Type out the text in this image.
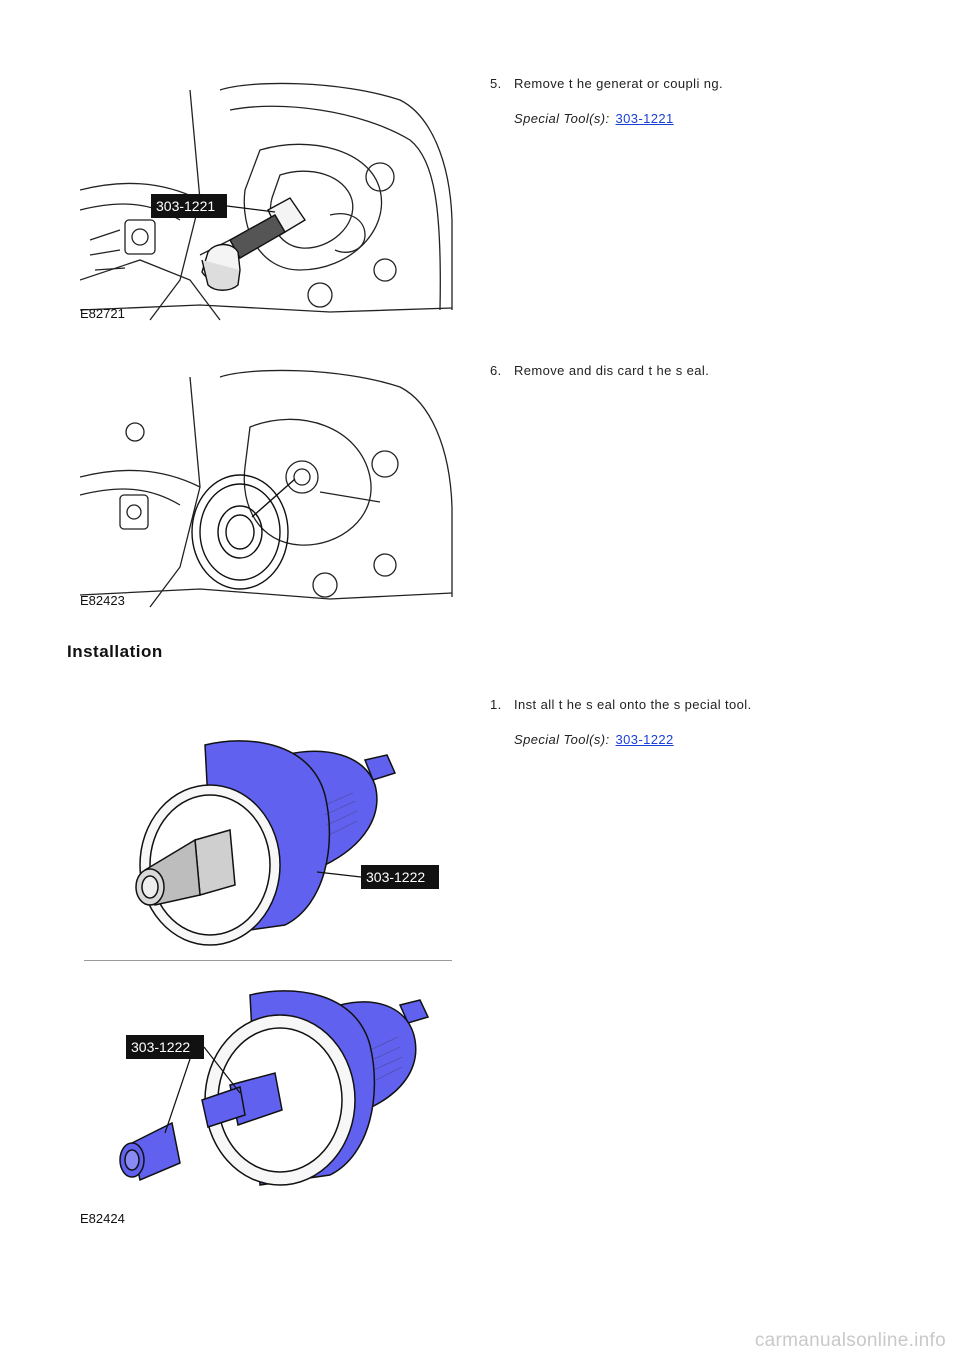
303-1221
E82721
5. Remove t he generat or coupli ng.
Special Tool(s): 303-1221
E82423
6. Remove and dis card t he s eal.
Installation
1. Inst all t he s eal onto the s pecial tool.
Special Tool(s): 303-1222
303-1222
303-1222
E82424
carmanualsonline.info
